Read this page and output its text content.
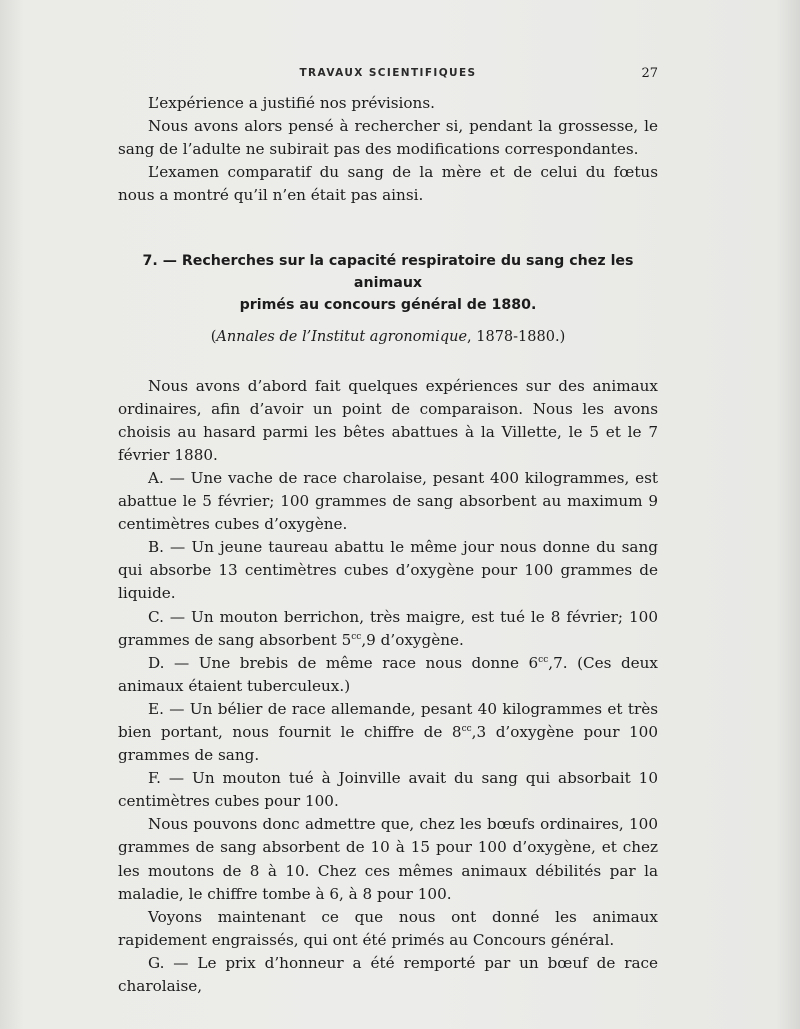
TRAVAUX SCIENTIFIQUES	27

L’expérience a justifié nos prévisions.

Nous avons alors pensé à rechercher si, pendant la grossesse, le sang de l’adulte ne subirait pas des modifications correspondantes.

L’examen comparatif du sang de la mère et de celui du fœtus nous a montré qu’il n’en était pas ainsi.

7. — Recherches sur la capacité respiratoire du sang chez les animaux
primés au concours général de 1880.
(Annales de l’Institut agronomique, 1878-1880.)

Nous avons d’abord fait quelques expériences sur des animaux ordinaires, afin d’avoir un point de comparaison. Nous les avons choisis au hasard parmi les bêtes abattues à la Villette, le 5 et le 7 février 1880.

A. — Une vache de race charolaise, pesant 400 kilogrammes, est abattue le 5 février; 100 grammes de sang absorbent au maximum 9 centimètres cubes d’oxygène.

B. — Un jeune taureau abattu le même jour nous donne du sang qui absorbe 13 centimètres cubes d’oxygène pour 100 grammes de liquide.

C. — Un mouton berrichon, très maigre, est tué le 8 février; 100 grammes de sang absorbent $5^{cc},9$ d’oxygène.

D. — Une brebis de même race nous donne $6^{cc},7$. (Ces deux animaux étaient tuberculeux.)

E. — Un bélier de race allemande, pesant 40 kilogrammes et très bien portant, nous fournit le chiffre de $8^{cc},3$ d’oxygène pour 100 grammes de sang.

F. — Un mouton tué à Joinville avait du sang qui absorbait 10 centimètres cubes pour 100.

Nous pouvons donc admettre que, chez les bœufs ordinaires, 100 grammes de sang absorbent de 10 à 15 pour 100 d’oxygène, et chez les moutons de 8 à 10. Chez ces mêmes animaux débilités par la maladie, le chiffre tombe à 6, à 8 pour 100.

Voyons maintenant ce que nous ont donné les animaux rapidement engraissés, qui ont été primés au Concours général.

G. — Le prix d’honneur a été remporté par un bœuf de race charolaise,
